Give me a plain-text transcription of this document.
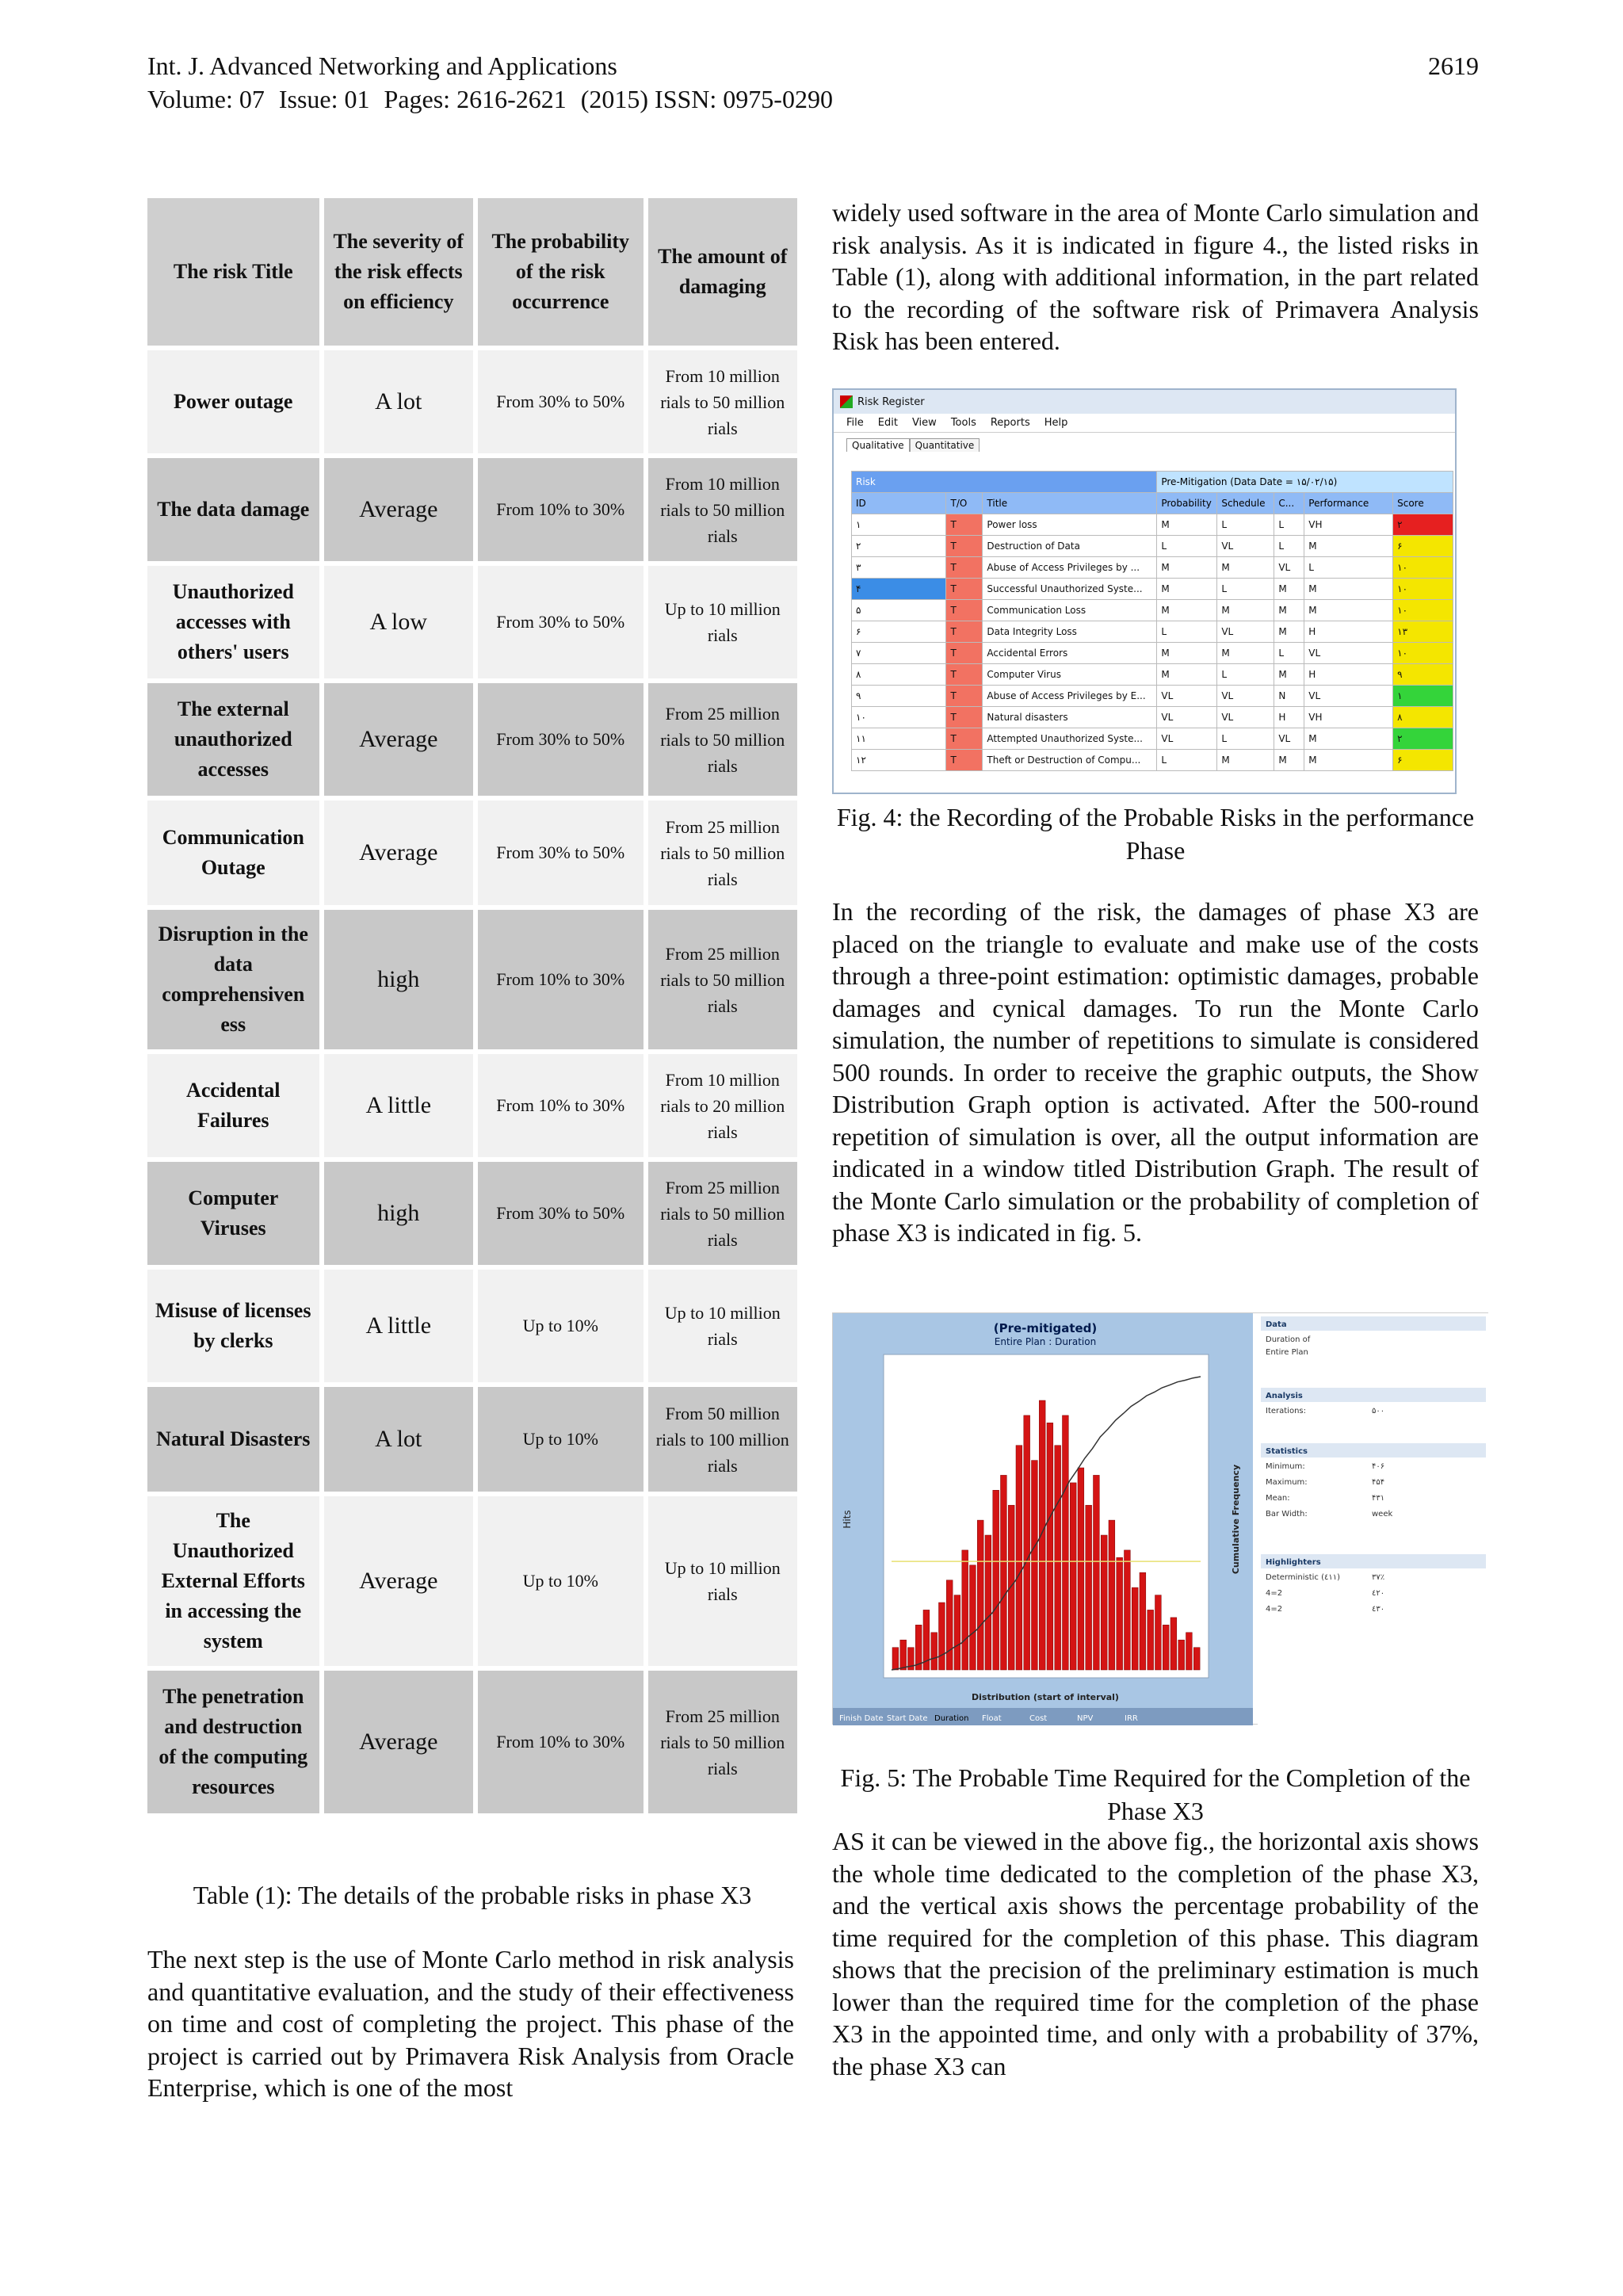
Int. J. Advanced Networking and Applications	2619
Volume: 07 Issue: 01 Pages: 2616-2621 (2015) ISSN: 0975-0290
The risk Title	The severity of the risk effects on efficiency	The probability of the risk occurrence	The amount of damaging
Power outage	A lot	From 30% to 50%	From 10 million rials to 50 million rials
The data damage	Average	From 10% to 30%	From 10 million rials to 50 million rials
Unauthorized accesses with others' users	A low	From 30% to 50%	Up to 10 million rials
The external unauthorized accesses	Average	From 30% to 50%	From 25 million rials to 50 million rials
Communication Outage	Average	From 30% to 50%	From 25 million rials to 50 million rials
Disruption in the data comprehensiven ess	high	From 10% to 30%	From 25 million rials to 50 million rials
Accidental Failures	A little	From 10% to 30%	From 10 million rials to 20 million rials
Computer Viruses	high	From 30% to 50%	From 25 million rials to 50 million rials
Misuse of licenses by clerks	A little	Up to 10%	Up to 10 million rials
Natural Disasters	A lot	Up to 10%	From 50 million rials to 100 million rials
The Unauthorized External Efforts in accessing the system	Average	Up to 10%	Up to 10 million rials
The penetration and destruction of the computing resources	Average	From 10% to 30%	From 25 million rials to 50 million rials
Table (1): The details of the probable risks in phase X3
The next step is the use of Monte Carlo method in risk analysis and quantitative evaluation, and the study of their effectiveness on time and cost of completing the project. This phase of the project is carried out by Primavera Risk Analysis from Oracle Enterprise, which is one of the most
widely used software in the area of Monte Carlo simulation and risk analysis. As it is indicated in figure 4., the listed risks in Table (1), along with additional information, in the part related to the recording of the software risk of Primavera Analysis Risk has been entered.
Risk Register
File Edit View Tools Reports Help
Qualitative	Quantitative
Risk			Pre-Mitigation (Data Date = ١۵/٠٢/١۵)				
ID	T/O	Title	Probability	Schedule	C...	Performance	Score
١	T	Power loss	M	L	L	VH	٢
٢	T	Destruction of Data	L	VL	L	M	۶
٣	T	Abuse of Access Privileges by ...	M	M	VL	L	١٠
۴	T	Successful Unauthorized Syste...	M	L	M	M	١٠
۵	T	Communication Loss	M	M	M	M	١٠
۶	T	Data Integrity Loss	L	VL	M	H	١٣
٧	T	Accidental Errors	M	M	L	VL	١٠
٨	T	Computer Virus	M	L	M	H	٩
٩	T	Abuse of Access Privileges by E...	VL	VL	N	VL	١
١٠	T	Natural disasters	VL	VL	H	VH	٨
١١	T	Attempted Unauthorized Syste...	VL	L	VL	M	٢
١٢	T	Theft or Destruction of Compu...	L	M	M	M	۶
Fig. 4: the Recording of the Probable Risks in the performance Phase
In the recording of the risk, the damages of phase X3 are placed on the triangle to evaluate and make use of the costs through a three-point estimation: optimistic damages, probable damages and cynical damages. To run the Monte Carlo simulation, the number of repetitions to simulate is considered 500 rounds. In order to receive the graphic outputs, the Show Distribution Graph option is activated. After the 500-round repetition of simulation is over, all the output information are indicated in a window titled Distribution Graph. The result of the Monte Carlo simulation or the probability of completion of phase X3 is indicated in fig. 5.
(Pre-mitigated)
Entire Plan : Duration
Hits	Cumulative Frequency
Distribution (start of interval)
Finish Date Start Date Duration Float	Cost	NPV	IRR
Data
Duration of
Entire Plan
Analysis
Iterations:	۵٠٠
Statistics
Minimum:	۴٠۶
Maximum:	۴۵۴
Mean:	۴٣١
Bar Width:	week
Highlighters
Deterministic (٤١١)	٣٧٪
4=2	٤٢٠
4=2	٤٣٠
Fig. 5: The Probable Time Required for the Completion of the Phase X3
AS it can be viewed in the above fig., the horizontal axis shows the whole time dedicated to the completion of the phase X3, and the vertical axis shows the percentage probability of the time required for the completion of this phase. This diagram shows that the precision of the preliminary estimation is much lower than the required time for the completion of the phase X3 in the appointed time, and only with a probability of 37%, the phase X3 can
